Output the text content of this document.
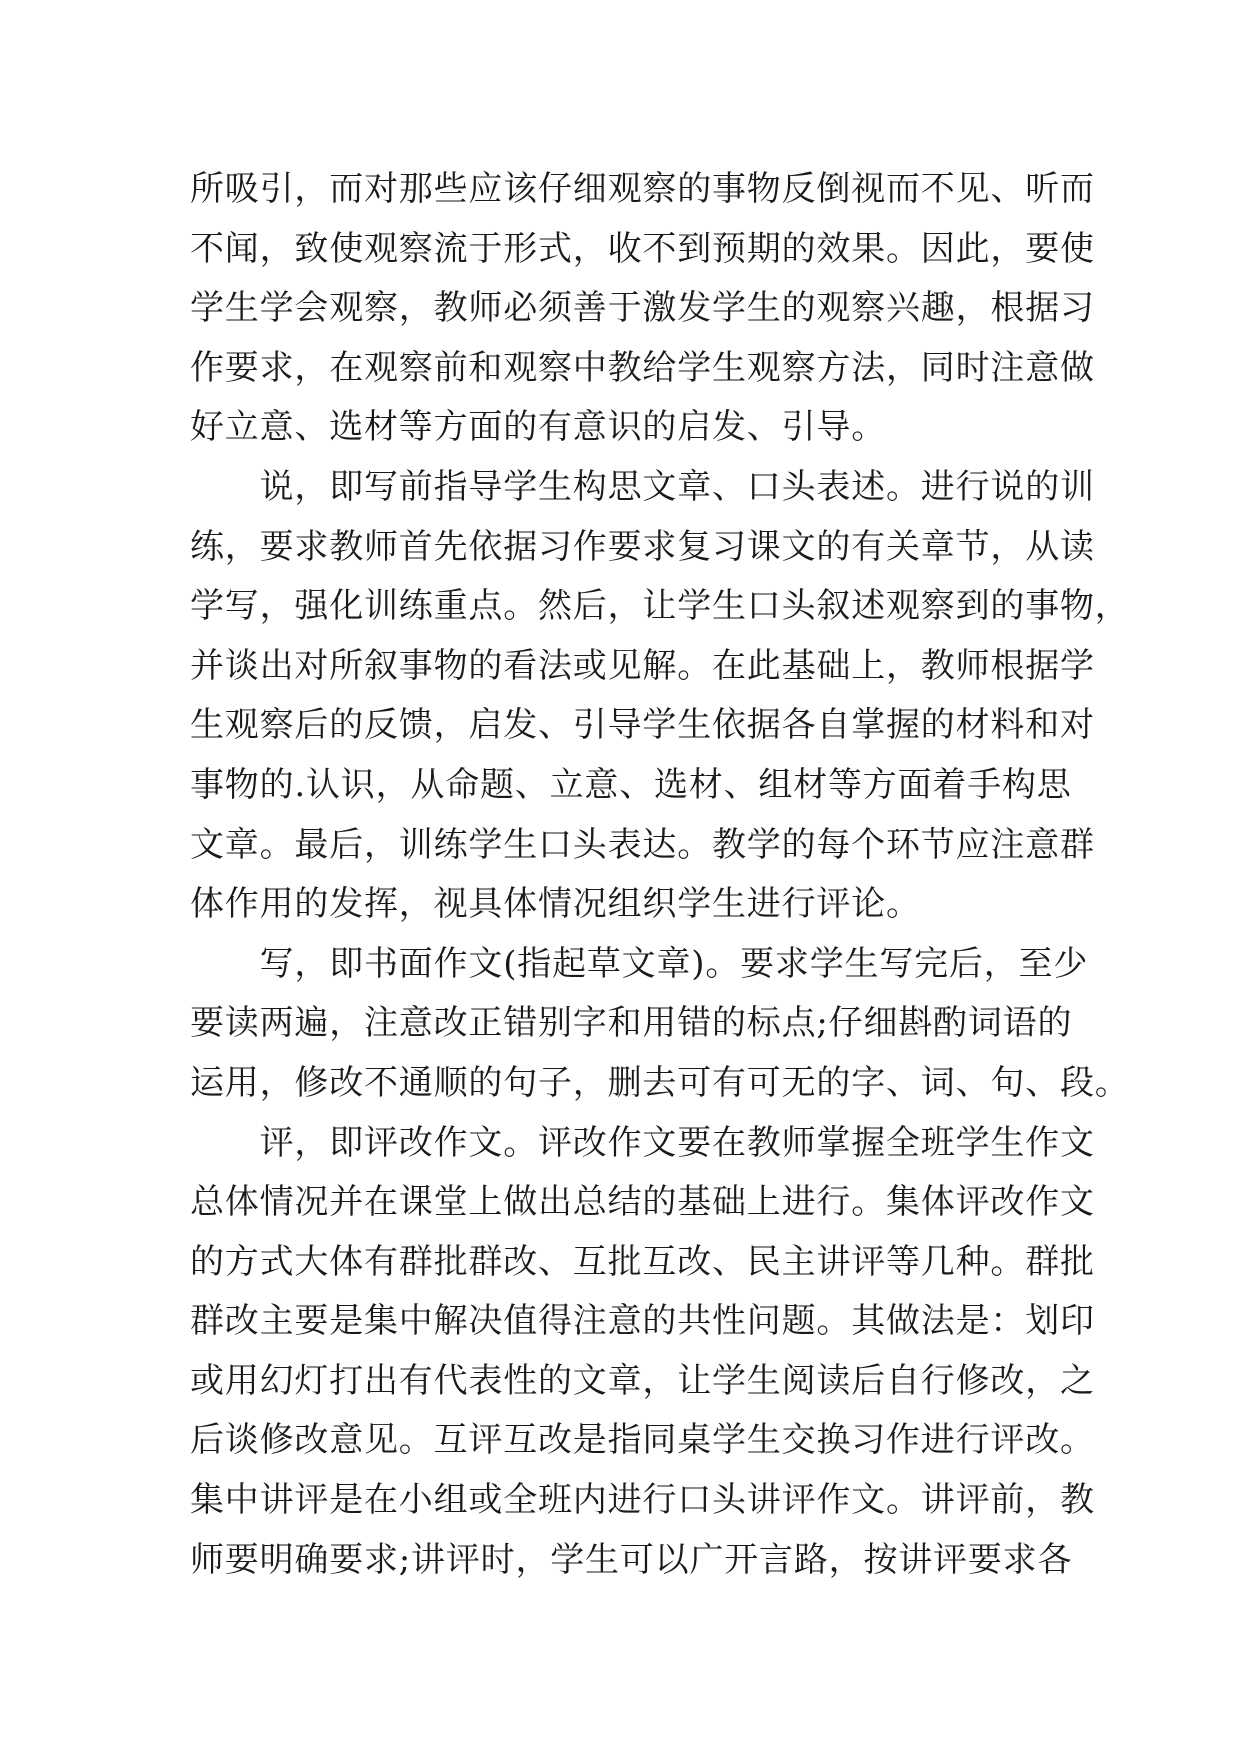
所吸引，而对那些应该仔细观察的事物反倒视而不见、听而
不闻，致使观察流于形式，收不到预期的效果。因此，要使
学生学会观察，教师必须善于激发学生的观察兴趣，根据习
作要求，在观察前和观察中教给学生观察方法，同时注意做
好立意、选材等方面的有意识的启发、引导。
　　说，即写前指导学生构思文章、口头表述。进行说的训
练，要求教师首先依据习作要求复习课文的有关章节，从读
学写，强化训练重点。然后，让学生口头叙述观察到的事物，
并谈出对所叙事物的看法或见解。在此基础上，教师根据学
生观察后的反馈，启发、引导学生依据各自掌握的材料和对
事物的.认识，从命题、立意、选材、组材等方面着手构思
文章。最后，训练学生口头表达。教学的每个环节应注意群
体作用的发挥，视具体情况组织学生进行评论。
　　写，即书面作文(指起草文章)。要求学生写完后，至少
要读两遍，注意改正错别字和用错的标点;仔细斟酌词语的
运用，修改不通顺的句子，删去可有可无的字、词、句、段。
　　评，即评改作文。评改作文要在教师掌握全班学生作文
总体情况并在课堂上做出总结的基础上进行。集体评改作文
的方式大体有群批群改、互批互改、民主讲评等几种。群批
群改主要是集中解决值得注意的共性问题。其做法是：划印
或用幻灯打出有代表性的文章，让学生阅读后自行修改，之
后谈修改意见。互评互改是指同桌学生交换习作进行评改。
集中讲评是在小组或全班内进行口头讲评作文。讲评前，教
师要明确要求;讲评时，学生可以广开言路，按讲评要求各
